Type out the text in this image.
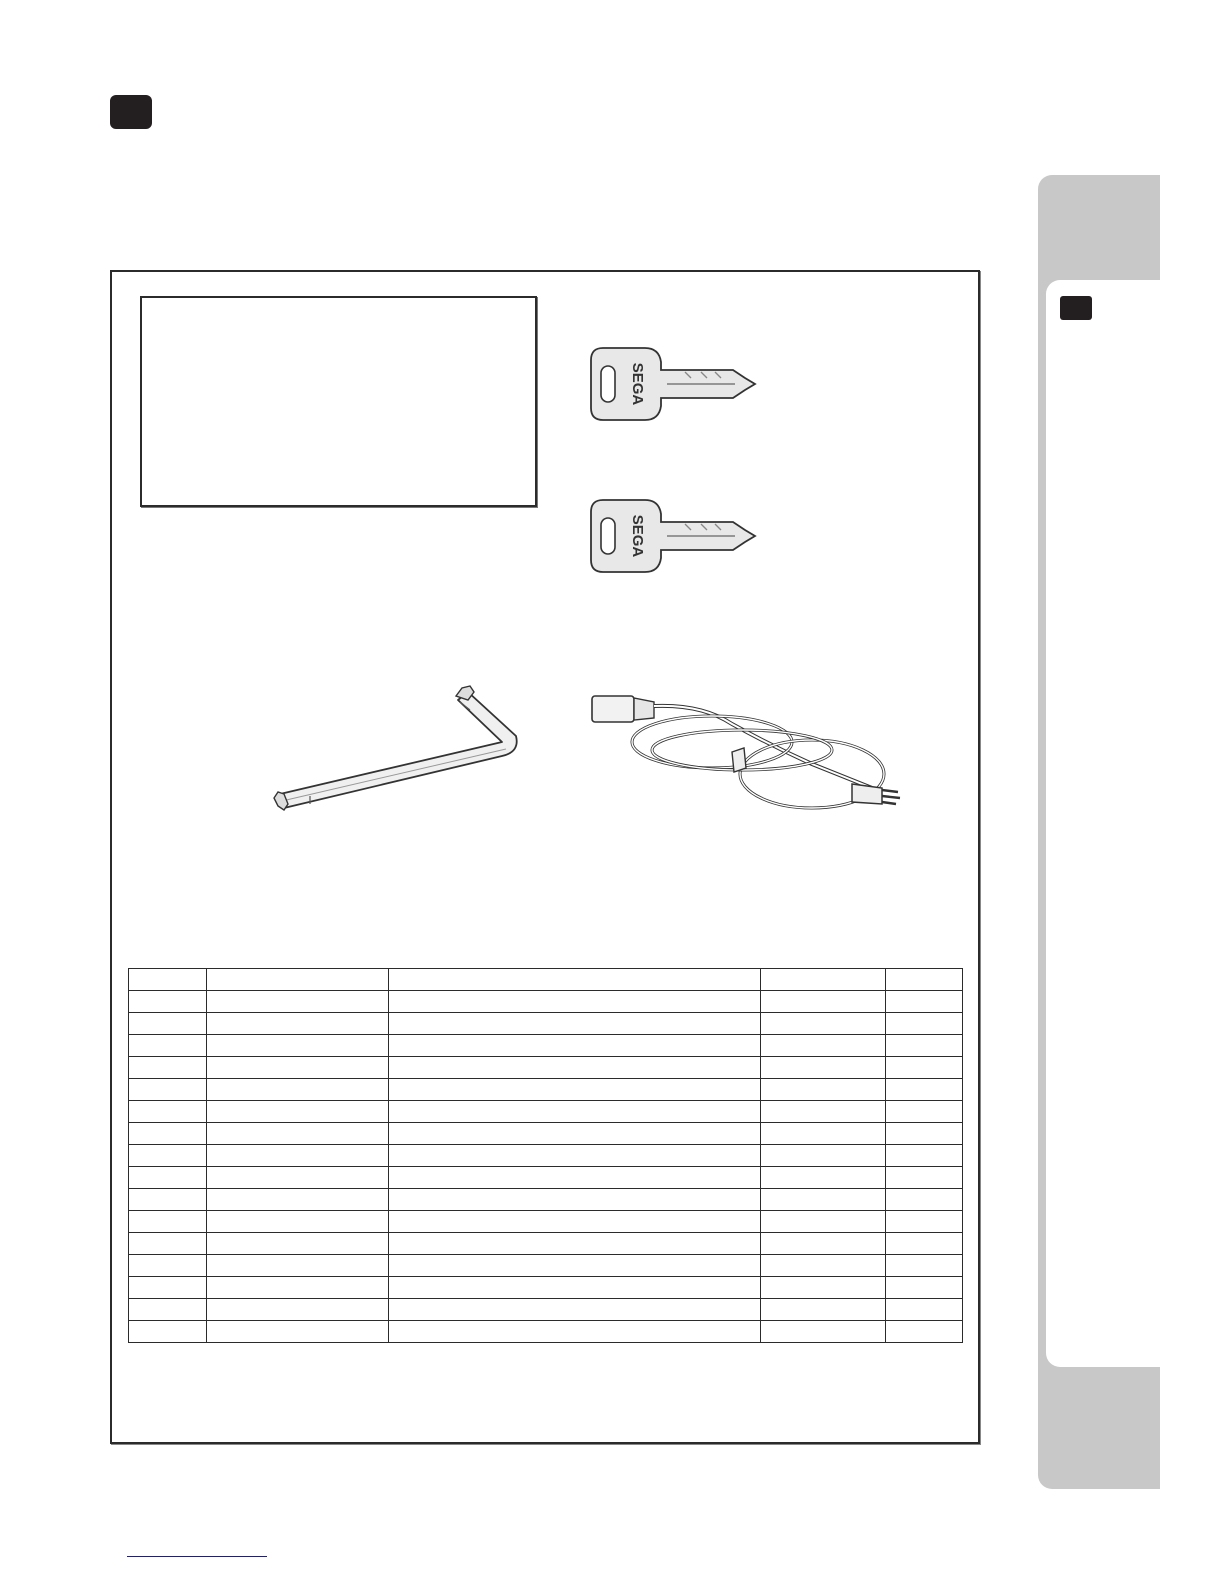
SEGA
SEGA
